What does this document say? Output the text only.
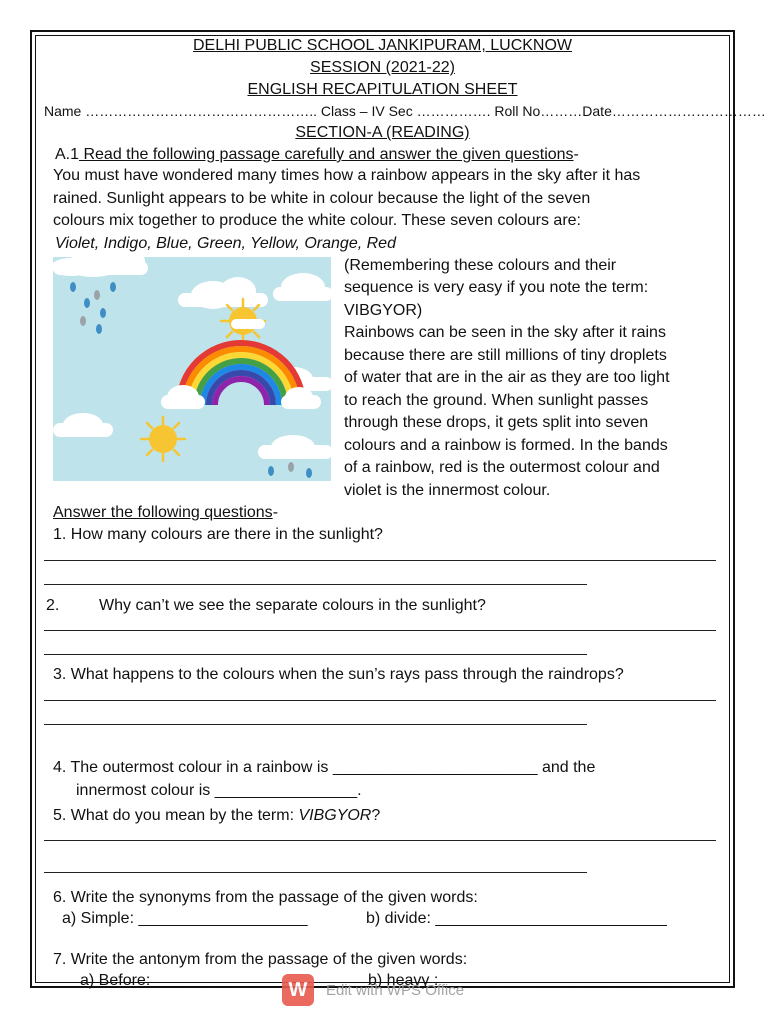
DELHI PUBLIC SCHOOL JANKIPURAM, LUCKNOW
SESSION (2021-22)
ENGLISH RECAPITULATION SHEET
Name ………………………………………….. Class – IV Sec ……………. Roll No………Date……………………………
SECTION-A (READING)
A.1 Read the following passage carefully and answer the given questions-
You must have wondered many times how a rainbow appears in the sky after it has
rained. Sunlight appears to be white in colour because the light of the seven
colours mix together to produce the white colour. These seven colours are:
Violet, Indigo, Blue, Green, Yellow, Orange, Red
(Remembering these colours and their
sequence is very easy if you note the term:
VIBGYOR)
Rainbows can be seen in the sky after it rains
because there are still millions of tiny droplets
of water that are in the air as they are too light
to reach the ground. When sunlight passes
through these drops, it gets split into seven
colours and a rainbow is formed. In the bands
of a rainbow, red is the outermost colour and
violet is the innermost colour.
Answer the following questions-
1. How many colours are there in the sunlight?
2. Why can’t we see the separate colours in the sunlight?
3. What happens to the colours when the sun’s rays pass through the raindrops?
4. The outermost colour in a rainbow is _______________________ and the
innermost colour is ________________.
5. What do you mean by the term: VIBGYOR?
6. Write the synonyms from the passage of the given words:
a) Simple: ___________________	b) divide: __________________________
7. Write the antonym from the passage of the given words:
a) Before: ______________	b) heavy : _________________________
W	Edit with WPS Office
